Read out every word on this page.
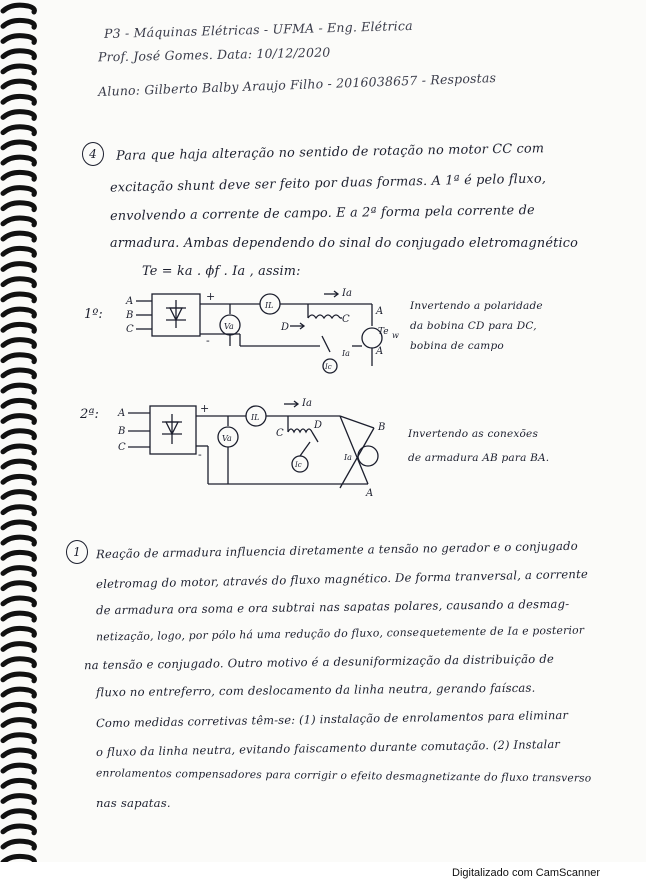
P3 - Máquinas Elétricas - UFMA - Eng. Elétrica
Prof. José Gomes. Data: 10/12/2020
Aluno: Gilberto Balby Araujo Filho - 2016038657 - Respostas
4	Para que haja alteração no sentido de rotação no motor CC com
excitação shunt deve ser feito por duas formas. A 1ª é pelo fluxo,
envolvendo a corrente de campo. E a 2ª forma pela corrente de
armadura. Ambas dependendo do sinal do conjugado eletromagnético
Te = ka . ϕf . Ia , assim:
1º:
A
B
C
+
-
Va
IL
Ia
D
C
Ic
A
A
Te w
Ia
Invertendo a polaridade
da bobina CD para DC,
bobina de campo
2ª: A
B
C
+
-
Va
IL
Ia
C
D
Ic
B
A
Ia
Invertendo as conexões
de armadura AB para BA.
1	Reação de armadura influencia diretamente a tensão no gerador e o conjugado
eletromag do motor, através do fluxo magnético. De forma tranversal, a corrente
de armadura ora soma e ora subtrai nas sapatas polares, causando a desmag-
netização, logo, por pólo há uma redução do fluxo, consequetemente de Ia e posterior
na tensão e conjugado. Outro motivo é a desuniformização da distribuição de
fluxo no entreferro, com deslocamento da linha neutra, gerando faíscas.
Como medidas corretivas têm-se: (1) instalação de enrolamentos para eliminar
o fluxo da linha neutra, evitando faiscamento durante comutação. (2) Instalar
enrolamentos compensadores para corrigir o efeito desmagnetizante do fluxo transverso
nas sapatas.
Digitalizado com CamScanner
